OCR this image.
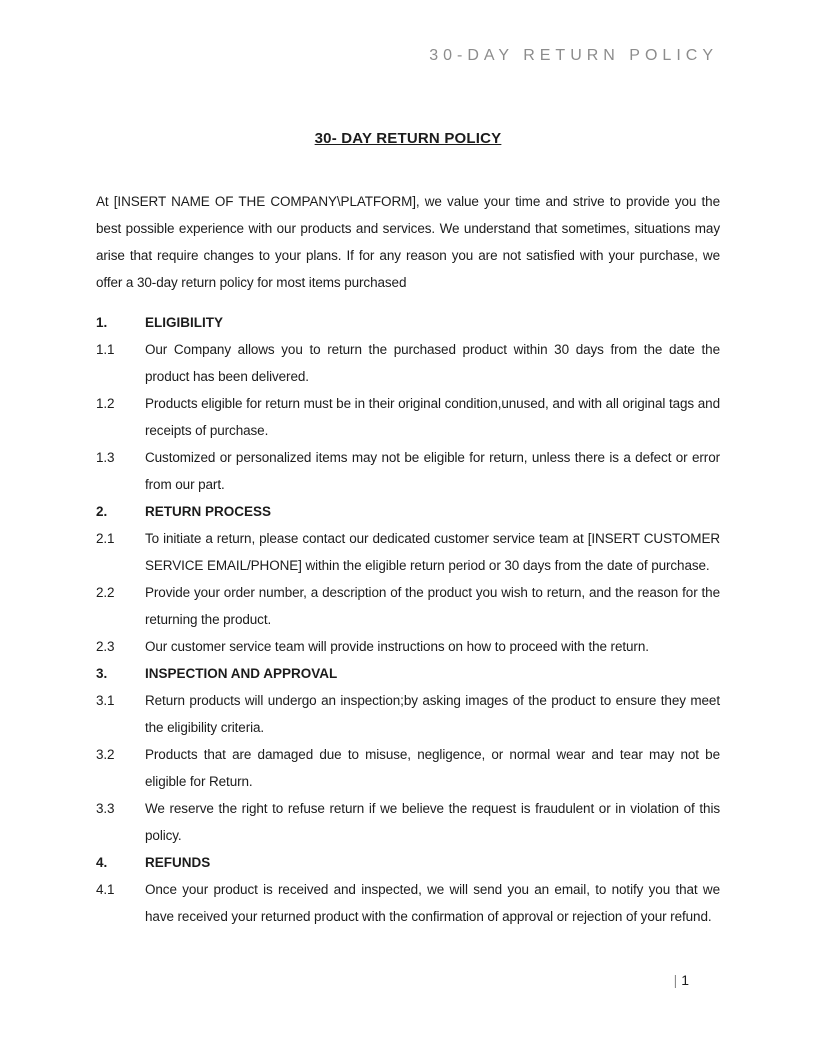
30-DAY RETURN POLICY
30- DAY RETURN POLICY

At [INSERT NAME OF THE COMPANY\PLATFORM], we value your time and strive to provide you the best possible experience with our products and services. We understand that sometimes, situations may arise that require changes to your plans. If for any reason you are not satisfied with your purchase, we offer a 30-day return policy for most items purchased

1.	ELIGIBILITY
1.1	Our Company allows you to return the purchased product within 30 days from the date the product has been delivered.
1.2	Products eligible for return must be in their original condition,unused, and with all original tags and receipts of purchase.
1.3	Customized or personalized items may not be eligible for return, unless there is a defect or error from our part.
2.	RETURN PROCESS
2.1	To initiate a return, please contact our dedicated customer service team at [INSERT CUSTOMER SERVICE EMAIL/PHONE] within the eligible return period or 30 days from the date of purchase.
2.2	Provide your order number, a description of the product you wish to return, and the reason for the returning the product.
2.3	Our customer service team will provide instructions on how to proceed with the return.
3.	INSPECTION AND APPROVAL
3.1	Return products will undergo an inspection;by asking images of the product to ensure they meet the eligibility criteria.
3.2	Products that are damaged due to misuse, negligence, or normal wear and tear may not be eligible for Return.
3.3	We reserve the right to refuse return if we believe the request is fraudulent or in violation of this policy.
4.	REFUNDS
4.1	Once your product is received and inspected, we will send you an email, to notify you that we have received your returned product with the confirmation of approval or rejection of your refund.
| 1
